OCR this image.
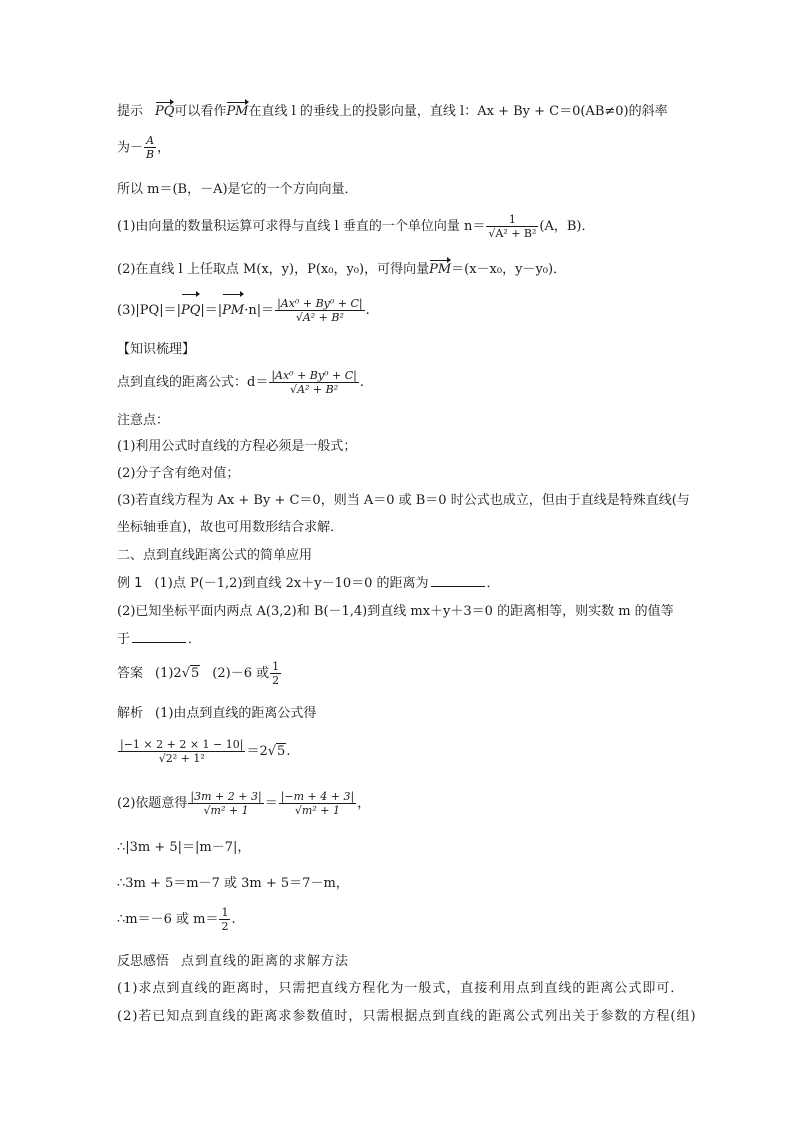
提示 PQ可以看作PM在直线 l 的垂线上的投影向量，直线 l：Ax + By + C＝0(AB≠0)的斜率
为－ $\frac{A}{B}$ ，
所以 m＝(B，－A)是它的一个方向向量．
(1)由向量的数量积运算可求得与直线 l 垂直的一个单位向量 $n= \frac{1}{\text{√A² + B²}} (A$，B)．
(2)在直线 l 上任取点 M(x，y)，P(x₀，y₀)，可得向量PM＝(x－x₀，y－y₀)．
$(3)|PQ|=|PQ|=|PM\cdot n|= \frac{\text{|Ax⁰ + By⁰ + C|}}{\text{√A² + B²}}$ .
【知识梳理】
点到直线的距离公式：$d= \frac{\text{|Ax⁰ + By⁰ + C|}}{\text{√A² + B²}}$ .
注意点：
(1)利用公式时直线的方程必须是一般式；
(2)分子含有绝对值；
(3)若直线方程为 Ax + By + C＝0，则当 A＝0 或 B＝0 时公式也成立，但由于直线是特殊直线(与
坐标轴垂直)，故也可用数形结合求解．
二、点到直线距离公式的简单应用
例 1 (1)点 P(－1,2)到直线 2x＋y－10＝0 的距离为	．
(2)已知坐标平面内两点 A(3,2)和 B(－1,4)到直线 mx＋y＋3＝0 的距离相等，则实数 m 的值等
于	．
答案 (1)2√5 (2)－6 或 $\frac{1}{2}$
解析 (1)由点到直线的距离公式得
$\frac{|-1 \times 2 + 2 \times 1 - 10|}{\text{√2² + 1²}} =2√5$.
(2)依题意得 $\frac{|3m + 2 + 3|}{\text{√m² + 1}} = \frac{|-m + 4 + 3|}{\text{√m² + 1}}$ ，
∴|3m + 5|＝|m－7|，
∴3m + 5＝m－7 或 3m + 5＝7－m，
∴m＝－6 或 $m= \frac{1}{2}$ .
反思感悟 点到直线的距离的求解方法
(1)求点到直线的距离时，只需把直线方程化为一般式，直接利用点到直线的距离公式即可．
(2)若已知点到直线的距离求参数值时，只需根据点到直线的距离公式列出关于参数的方程(组)
